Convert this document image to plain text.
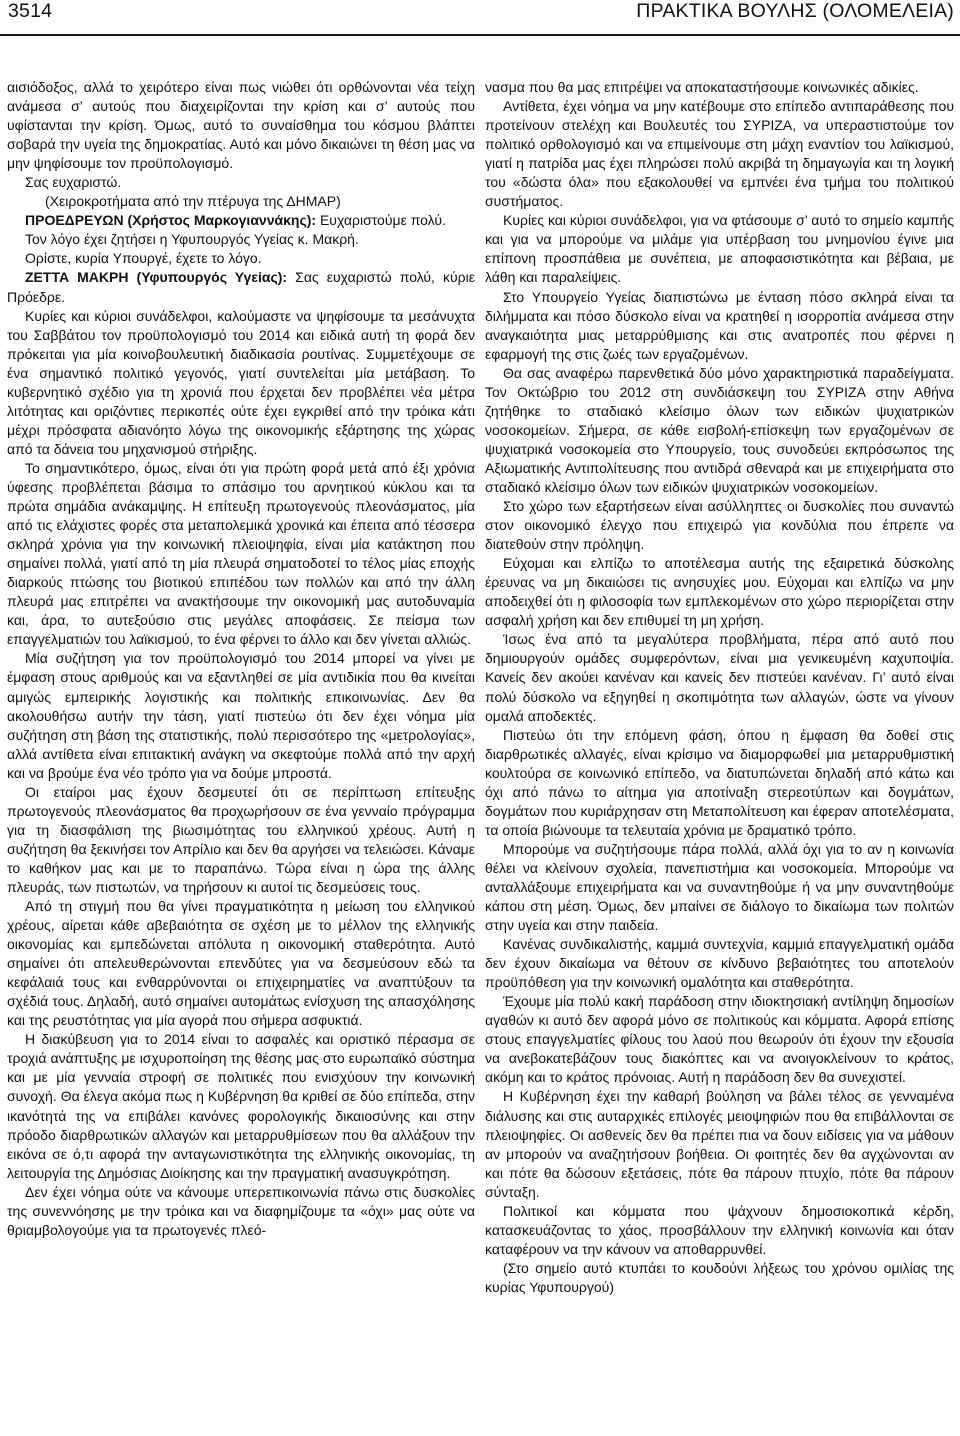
3514	ΠΡΑΚΤΙΚΑ ΒΟΥΛΗΣ (ΟΛΟΜΕΛΕΙΑ)

αισιόδοξος, αλλά το χειρότερο είναι πως νιώθει ότι ορθώνονται νέα τείχη ανάμεσα σ’ αυτούς που διαχειρίζονται την κρίση και σ’ αυτούς που υφίστανται την κρίση. Όμως, αυτό το συναίσθημα του κόσμου βλάπτει σοβαρά την υγεία της δημοκρατίας. Αυτό και μόνο δικαιώνει τη θέση μας να μην ψηφίσουμε τον προϋπολογισμό.

Σας ευχαριστώ.

(Χειροκροτήματα από την πτέρυγα της ΔΗΜΑΡ)

ΠΡΟΕΔΡΕΥΩΝ (Χρήστος Μαρκογιαννάκης): Ευχαριστούμε πολύ.

Τον λόγο έχει ζητήσει η Υφυπουργός Υγείας κ. Μακρή.

Ορίστε, κυρία Υπουργέ, έχετε το λόγο.

ΖΕΤΤΑ ΜΑΚΡΗ (Υφυπουργός Υγείας): Σας ευχαριστώ πολύ, κύριε Πρόεδρε.

Κυρίες και κύριοι συνάδελφοι, καλούμαστε να ψηφίσουμε τα μεσάνυχτα του Σαββάτου τον προϋπολογισμό του 2014 και ειδικά αυτή τη φορά δεν πρόκειται για μία κοινοβουλευτική διαδικασία ρουτίνας. Συμμετέχουμε σε ένα σημαντικό πολιτικό γεγονός, γιατί συντελείται μία μετάβαση. Το κυβερνητικό σχέδιο για τη χρονιά που έρχεται δεν προβλέπει νέα μέτρα λιτότητας και οριζόντιες περικοπές ούτε έχει εγκριθεί από την τρόικα κάτι μέχρι πρόσφατα αδιανόητο λόγω της οικονομικής εξάρτησης της χώρας από τα δάνεια του μηχανισμού στήριξης.

Το σημαντικότερο, όμως, είναι ότι για πρώτη φορά μετά από έξι χρόνια ύφεσης προβλέπεται βάσιμα το σπάσιμο του αρνητικού κύκλου και τα πρώτα σημάδια ανάκαμψης. Η επίτευξη πρωτογενούς πλεονάσματος, μία από τις ελάχιστες φορές στα μεταπολεμικά χρονικά και έπειτα από τέσσερα σκληρά χρόνια για την κοινωνική πλειοψηφία, είναι μία κατάκτηση που σημαίνει πολλά, γιατί από τη μία πλευρά σηματοδοτεί το τέλος μίας εποχής διαρκούς πτώσης του βιοτικού επιπέδου των πολλών και από την άλλη πλευρά μας επιτρέπει να ανακτήσουμε την οικονομική μας αυτοδυναμία και, άρα, το αυτεξούσιο στις μεγάλες αποφάσεις. Σε πείσμα των επαγγελματιών του λαϊκισμού, το ένα φέρνει το άλλο και δεν γίνεται αλλιώς.

Μία συζήτηση για τον προϋπολογισμό του 2014 μπορεί να γίνει με έμφαση στους αριθμούς και να εξαντληθεί σε μία αντιδικία που θα κινείται αμιγώς εμπειρικής λογιστικής και πολιτικής επικοινωνίας. Δεν θα ακολουθήσω αυτήν την τάση, γιατί πιστεύω ότι δεν έχει νόημα μία συζήτηση στη βάση της στατιστικής, πολύ περισσότερο της «μετρολογίας», αλλά αντίθετα είναι επιτακτική ανάγκη να σκεφτούμε πολλά από την αρχή και να βρούμε ένα νέο τρόπο για να δούμε μπροστά.

Οι εταίροι μας έχουν δεσμευτεί ότι σε περίπτωση επίτευξης πρωτογενούς πλεονάσματος θα προχωρήσουν σε ένα γενναίο πρόγραμμα για τη διασφάλιση της βιωσιμότητας του ελληνικού χρέους. Αυτή η συζήτηση θα ξεκινήσει τον Απρίλιο και δεν θα αργήσει να τελειώσει. Κάναμε το καθήκον μας και με το παραπάνω. Τώρα είναι η ώρα της άλλης πλευράς, των πιστωτών, να τηρήσουν κι αυτοί τις δεσμεύσεις τους.

Από τη στιγμή που θα γίνει πραγματικότητα η μείωση του ελληνικού χρέους, αίρεται κάθε αβεβαιότητα σε σχέση με το μέλλον της ελληνικής οικονομίας και εμπεδώνεται απόλυτα η οικονομική σταθερότητα. Αυτό σημαίνει ότι απελευθερώνονται επενδύτες για να δεσμεύσουν εδώ τα κεφάλαιά τους και ενθαρρύνονται οι επιχειρηματίες να αναπτύξουν τα σχέδιά τους. Δηλαδή, αυτό σημαίνει αυτομάτως ενίσχυση της απασχόλησης και της ρευστότητας για μία αγορά που σήμερα ασφυκτιά.

Η διακύβευση για το 2014 είναι το ασφαλές και οριστικό πέρασμα σε τροχιά ανάπτυξης με ισχυροποίηση της θέσης μας στο ευρωπαϊκό σύστημα και με μία γενναία στροφή σε πολιτικές που ενισχύουν την κοινωνική συνοχή. Θα έλεγα ακόμα πως η Κυβέρνηση θα κριθεί σε δύο επίπεδα, στην ικανότητά της να επιβάλει κανόνες φορολογικής δικαιοσύνης και στην πρόοδο διαρθρωτικών αλλαγών και μεταρρυθμίσεων που θα αλλάξουν την εικόνα σε ό,τι αφορά την ανταγωνιστικότητα της ελληνικής οικονομίας, τη λειτουργία της Δημόσιας Διοίκησης και την πραγματική ανασυγκρότηση.

Δεν έχει νόημα ούτε να κάνουμε υπερεπικοινωνία πάνω στις δυσκολίες της συνεννόησης με την τρόικα και να διαφημίζουμε τα «όχι» μας ούτε να θριαμβολογούμε για τα πρωτογενές πλεό-

νασμα που θα μας επιτρέψει να αποκαταστήσουμε κοινωνικές αδικίες.

Αντίθετα, έχει νόημα να μην κατέβουμε στο επίπεδο αντιπαράθεσης που προτείνουν στελέχη και Βουλευτές του ΣΥΡΙΖΑ, να υπεραστιστούμε τον πολιτικό ορθολογισμό και να επιμείνουμε στη μάχη εναντίον του λαϊκισμού, γιατί η πατρίδα μας έχει πληρώσει πολύ ακριβά τη δημαγωγία και τη λογική του «δώστα όλα» που εξακολουθεί να εμπνέει ένα τμήμα του πολιτικού συστήματος.

Κυρίες και κύριοι συνάδελφοι, για να φτάσουμε σ’ αυτό το σημείο καμπής και για να μπορούμε να μιλάμε για υπέρβαση του μνημονίου έγινε μια επίπονη προσπάθεια με συνέπεια, με αποφασιστικότητα και βέβαια, με λάθη και παραλείψεις.

Στο Υπουργείο Υγείας διαπιστώνω με ένταση πόσο σκληρά είναι τα διλήμματα και πόσο δύσκολο είναι να κρατηθεί η ισορροπία ανάμεσα στην αναγκαιότητα μιας μεταρρύθμισης και στις ανατροπές που φέρνει η εφαρμογή της στις ζωές των εργαζομένων.

Θα σας αναφέρω παρενθετικά δύο μόνο χαρακτηριστικά παραδείγματα. Τον Οκτώβριο του 2012 στη συνδιάσκεψη του ΣΥΡΙΖΑ στην Αθήνα ζητήθηκε το σταδιακό κλείσιμο όλων των ειδικών ψυχιατρικών νοσοκομείων. Σήμερα, σε κάθε εισβολή-επίσκεψη των εργαζομένων σε ψυχιατρικά νοσοκομεία στο Υπουργείο, τους συνοδεύει εκπρόσωπος της Αξιωματικής Αντιπολίτευσης που αντιδρά σθεναρά και με επιχειρήματα στο σταδιακό κλείσιμο όλων των ειδικών ψυχιατρικών νοσοκομείων.

Στο χώρο των εξαρτήσεων είναι ασύλληπτες οι δυσκολίες που συναντώ στον οικονομικό έλεγχο που επιχειρώ για κονδύλια που έπρεπε να διατεθούν στην πρόληψη.

Εύχομαι και ελπίζω το αποτέλεσμα αυτής της εξαιρετικά δύσκολης έρευνας να μη δικαιώσει τις ανησυχίες μου. Εύχομαι και ελπίζω να μην αποδειχθεί ότι η φιλοσοφία των εμπλεκομένων στο χώρο περιορίζεται στην ασφαλή χρήση και δεν επιθυμεί τη μη χρήση.

Ίσως ένα από τα μεγαλύτερα προβλήματα, πέρα από αυτό που δημιουργούν ομάδες συμφερόντων, είναι μια γενικευμένη καχυποψία. Κανείς δεν ακούει κανέναν και κανείς δεν πιστεύει κανέναν. Γι’ αυτό είναι πολύ δύσκολο να εξηγηθεί η σκοπιμότητα των αλλαγών, ώστε να γίνουν ομαλά αποδεκτές.

Πιστεύω ότι την επόμενη φάση, όπου η έμφαση θα δοθεί στις διαρθρωτικές αλλαγές, είναι κρίσιμο να διαμορφωθεί μια μεταρρυθμιστική κουλτούρα σε κοινωνικό επίπεδο, να διατυπώνεται δηλαδή από κάτω και όχι από πάνω το αίτημα για αποτίναξη στερεοτύπων και δογμάτων, δογμάτων που κυριάρχησαν στη Μεταπολίτευση και έφεραν αποτελέσματα, τα οποία βιώνουμε τα τελευταία χρόνια με δραματικό τρόπο.

Μπορούμε να συζητήσουμε πάρα πολλά, αλλά όχι για το αν η κοινωνία θέλει να κλείνουν σχολεία, πανεπιστήμια και νοσοκομεία. Μπορούμε να ανταλλάξουμε επιχειρήματα και να συναντηθούμε ή να μην συναντηθούμε κάπου στη μέση. Όμως, δεν μπαίνει σε διάλογο το δικαίωμα των πολιτών στην υγεία και στην παιδεία.

Κανένας συνδικαλιστής, καμμιά συντεχνία, καμμιά επαγγελματική ομάδα δεν έχουν δικαίωμα να θέτουν σε κίνδυνο βεβαιότητες του αποτελούν προϋπόθεση για την κοινωνική ομαλότητα και σταθερότητα.

Έχουμε μία πολύ κακή παράδοση στην ιδιοκτησιακή αντίληψη δημοσίων αγαθών κι αυτό δεν αφορά μόνο σε πολιτικούς και κόμματα. Αφορά επίσης στους επαγγελματίες φίλους του λαού που θεωρούν ότι έχουν την εξουσία να ανεβοκατεβάζουν τους διακόπτες και να ανοιγοκλείνουν το κράτος, ακόμη και το κράτος πρόνοιας. Αυτή η παράδοση δεν θα συνεχιστεί.

Η Κυβέρνηση έχει την καθαρή βούληση να βάλει τέλος σε γενναμένα διάλυσης και στις αυταρχικές επιλογές μειοψηφιών που θα επιβάλλονται σε πλειοψηφίες. Οι ασθενείς δεν θα πρέπει πια να δουν ειδίσεις για να μάθουν αν μπορούν να αναζητήσουν βοήθεια. Οι φοιτητές δεν θα αγχώνονται αν και πότε θα δώσουν εξετάσεις, πότε θα πάρουν πτυχίο, πότε θα πάρουν σύνταξη.

Πολιτικοί και κόμματα που ψάχνουν δημοσιοκοπικά κέρδη, κατασκευάζοντας το χάος, προσβάλλουν την ελληνική κοινωνία και όταν καταφέρουν να την κάνουν να αποθαρρυνθεί.

(Στο σημείο αυτό κτυπάει το κουδούνι λήξεως του χρόνου ομιλίας της κυρίας Υφυπουργού)
